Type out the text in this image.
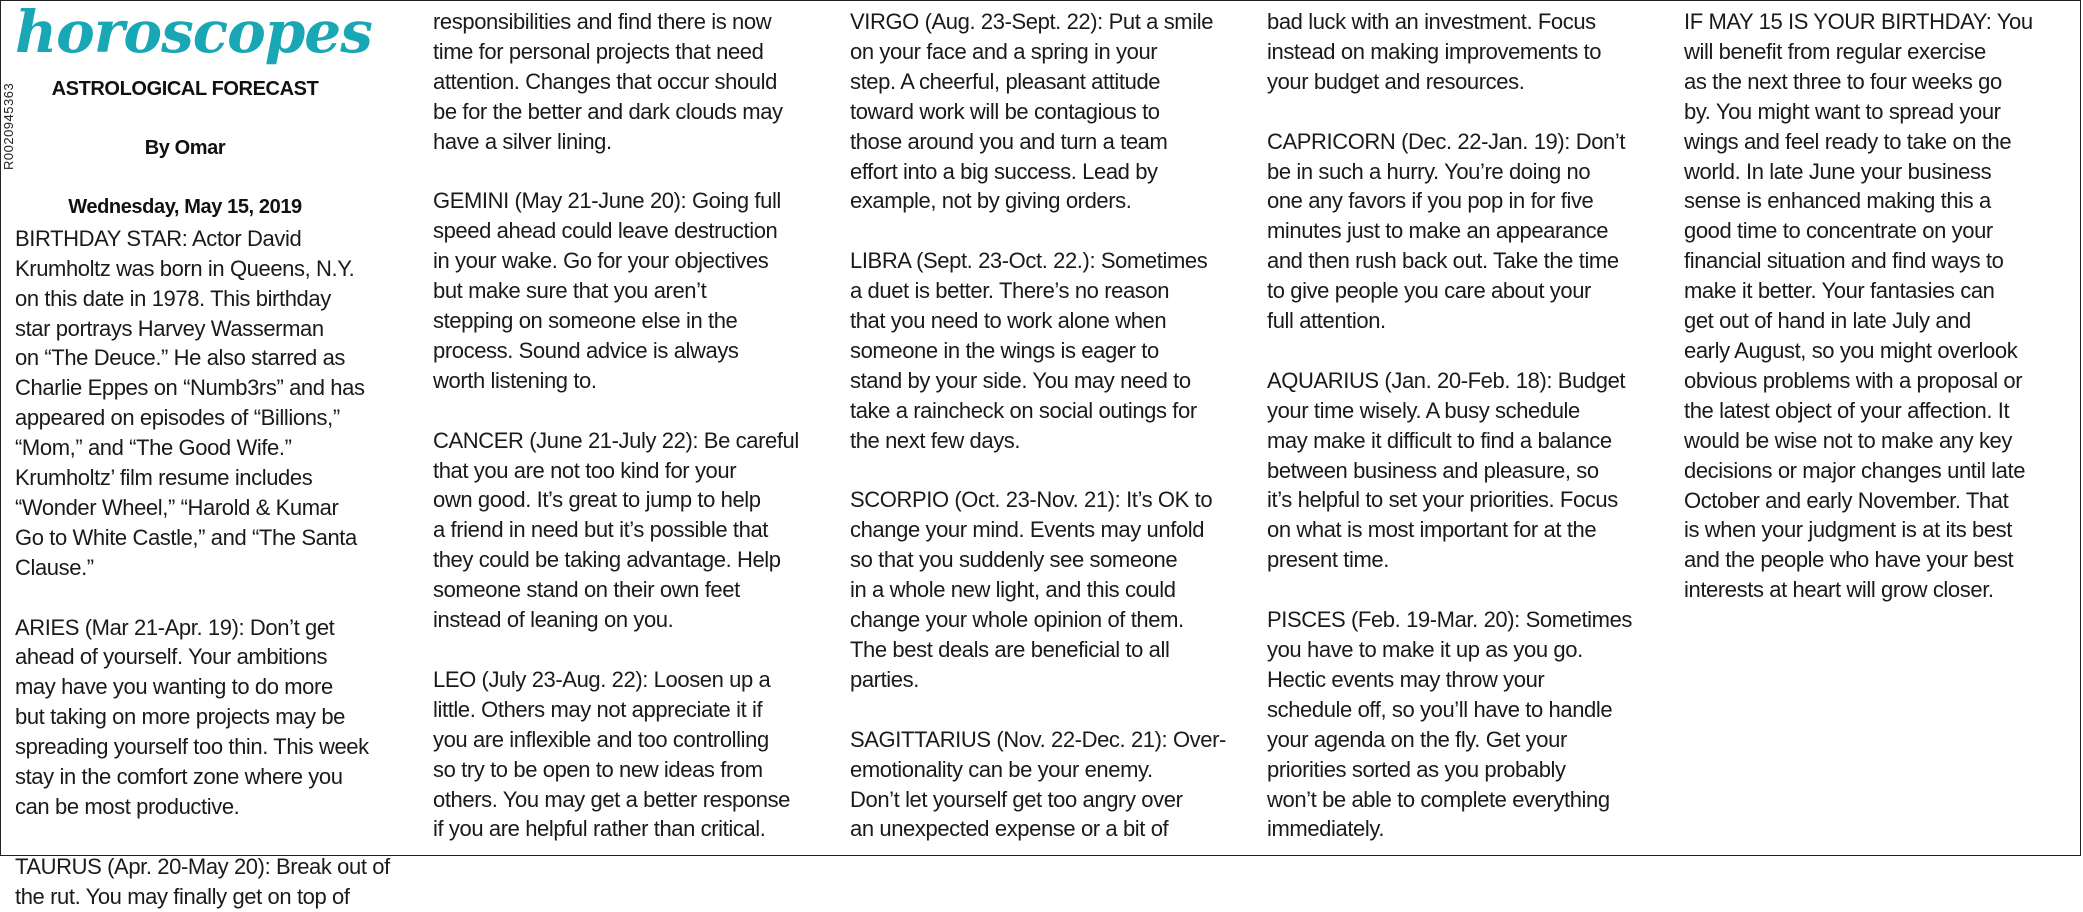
R0020945363
horoscopes

ASTROLOGICAL FORECAST

By Omar

Wednesday, May 15, 2019

BIRTHDAY STAR: Actor David
Krumholtz was born in Queens, N.Y.
on this date in 1978. This birthday
star portrays Harvey Wasserman
on “The Deuce.” He also starred as
Charlie Eppes on “Numb3rs” and has
appeared on episodes of “Billions,”
“Mom,” and “The Good Wife.”
Krumholtz’ film resume includes
“Wonder Wheel,” “Harold & Kumar
Go to White Castle,” and “The Santa
Clause.”

ARIES (Mar 21-Apr. 19): Don’t get
ahead of yourself. Your ambitions
may have you wanting to do more
but taking on more projects may be
spreading yourself too thin. This week
stay in the comfort zone where you
can be most productive.

TAURUS (Apr. 20-May 20): Break out of
the rut. You may finally get on top of

responsibilities and find there is now
time for personal projects that need
attention. Changes that occur should
be for the better and dark clouds may
have a silver lining.

GEMINI (May 21-June 20): Going full
speed ahead could leave destruction
in your wake. Go for your objectives
but make sure that you aren’t
stepping on someone else in the
process. Sound advice is always
worth listening to.

CANCER (June 21-July 22): Be careful
that you are not too kind for your
own good. It’s great to jump to help
a friend in need but it’s possible that
they could be taking advantage. Help
someone stand on their own feet
instead of leaning on you.

LEO (July 23-Aug. 22): Loosen up a
little. Others may not appreciate it if
you are inflexible and too controlling
so try to be open to new ideas from
others. You may get a better response
if you are helpful rather than critical.

VIRGO (Aug. 23-Sept. 22): Put a smile
on your face and a spring in your
step. A cheerful, pleasant attitude
toward work will be contagious to
those around you and turn a team
effort into a big success. Lead by
example, not by giving orders.

LIBRA (Sept. 23-Oct. 22.): Sometimes
a duet is better. There’s no reason
that you need to work alone when
someone in the wings is eager to
stand by your side. You may need to
take a raincheck on social outings for
the next few days.

SCORPIO (Oct. 23-Nov. 21): It’s OK to
change your mind. Events may unfold
so that you suddenly see someone
in a whole new light, and this could
change your whole opinion of them.
The best deals are beneficial to all
parties.

SAGITTARIUS (Nov. 22-Dec. 21): Over-
emotionality can be your enemy.
Don’t let yourself get too angry over
an unexpected expense or a bit of

bad luck with an investment. Focus
instead on making improvements to
your budget and resources.

CAPRICORN (Dec. 22-Jan. 19): Don’t
be in such a hurry. You’re doing no
one any favors if you pop in for five
minutes just to make an appearance
and then rush back out. Take the time
to give people you care about your
full attention.

AQUARIUS (Jan. 20-Feb. 18): Budget
your time wisely. A busy schedule
may make it difficult to find a balance
between business and pleasure, so
it’s helpful to set your priorities. Focus
on what is most important for at the
present time.

PISCES (Feb. 19-Mar. 20): Sometimes
you have to make it up as you go.
Hectic events may throw your
schedule off, so you’ll have to handle
your agenda on the fly. Get your
priorities sorted as you probably
won’t be able to complete everything
immediately.

IF MAY 15 IS YOUR BIRTHDAY: You
will benefit from regular exercise
as the next three to four weeks go
by. You might want to spread your
wings and feel ready to take on the
world. In late June your business
sense is enhanced making this a
good time to concentrate on your
financial situation and find ways to
make it better. Your fantasies can
get out of hand in late July and
early August, so you might overlook
obvious problems with a proposal or
the latest object of your affection. It
would be wise not to make any key
decisions or major changes until late
October and early November. That
is when your judgment is at its best
and the people who have your best
interests at heart will grow closer.
